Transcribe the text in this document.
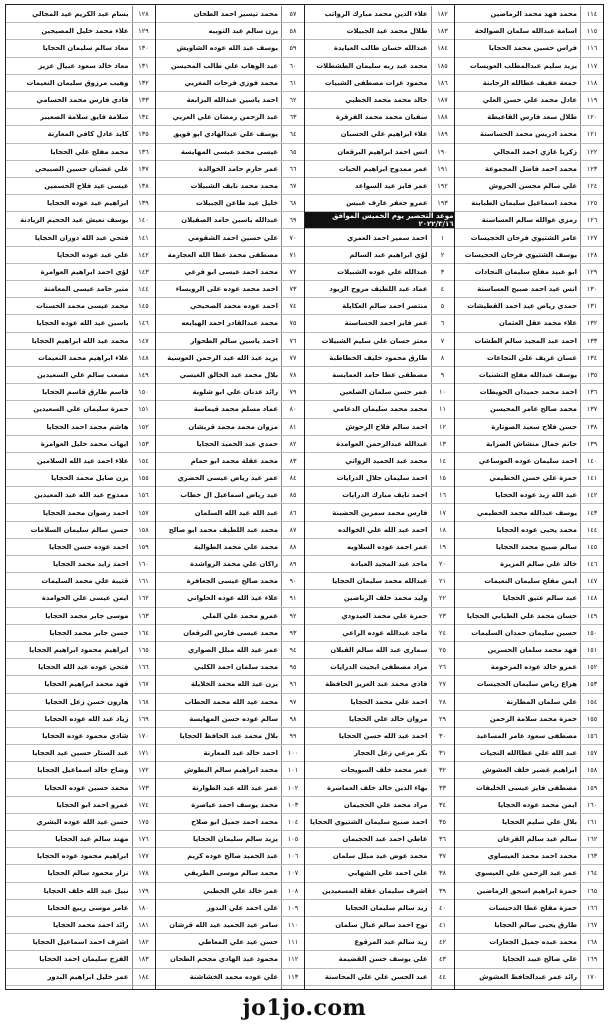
١١٤
محمد فهد محمد الرماضين
١١٥
اسامة عبدالله سلمان الصوالحة
١١٦
فراس حسين محمد الحجايا
١١٧
يزيد سليم عبدالمطلب العويسات
١١٨
جمعة عفيف عطالله الرحابنة
١١٩
عادل محمد علي حسن العلي
١٢٠
طلال سعد فارس القاعيطة
١٢١
محمد ادريس محمد الحساسنة
١٢٢
زكريا غازي احمد المجالي
١٢٣
محمد احمد فاضل المجموعة
١٢٤
علي سالم محسن الحروش
١٢٥
محمد اسماعيل سليمان الطبابنة
١٢٦
رمزي عوالله سالم العساسنة
١٢٧
عامر الشتيوي فرحان الحجيسات
١٢٨
يوسف الشتيوي فرحان الحجيسات
١٢٩
ابو عبيد مفلح سليمان النجادات
١٣٠
انس عيد احمد صبيح العساسنة
١٣١
حمدي رياض عيد احمد القطيشات
١٣٢
علاء محمد عقل العثمان
١٣٣
احمد عبد المجيد سالم الطشات
١٣٤
غسان غريف علي النجاعات
١٣٥
يوسف عبدالله مفلح التشنيات
١٣٦
احمد محمد حميدان الحويطات
١٣٧
محمد صالح عامر المحيسن
١٣٨
حسن فلاح سعيد الصوتارة
١٣٩
حاتم جمال منشاش الضرابة
١٤٠
احمد سليمان عوده العوساعي
١٤١
حمزة علي حسن الحطيمي
١٤٢
عيد الله زيد عوده الحجايا
١٤٣
يوسف عبدالله محمد الحطيمي
١٤٤
محمد يحيى عوده الحجايا
١٤٥
سالم صبيح محمد الحجايا
١٤٦
خالد علي سالم المزيرة
١٤٧
ايمن مفلح سليمان النعيمات
١٤٨
عيد سالم عتيق الحجايا
١٤٩
حسان محمد علي الطيابي الحجايا
١٥٠
حسين سليمان حمدان السليمات
١٥١
فهد محمد سلمان الحسرين
١٥٢
عمرو خالد عوده المرحومة
١٥٣
هزاع رياض سليمان الحجيسات
١٥٤
علي سلمان المطارنة
١٥٥
حمزة محمد سلامة الرحمن
١٥٦
مصطفى سعود عامر المساعيد
١٥٧
عبد الله علي عطاالله النجيات
١٥٨
ابراهيم غضير خلف العشوش
١٥٩
مصطفى فايز عيسى الخليفات
١٦٠
ايمن محمد عوده الحجايا
١٦١
بلال علي سليم الحجايا
١٦٢
سالم عيد سالم القرعان
١٦٣
محمد احمد محمد العيساوي
١٦٤
عمر عبد الرحمن علي العيسوي
١٦٥
حمزة ابراهيم اسحق الرماضين
١٦٦
حمزة مفلح عطا الدحيسات
١٦٧
طارق يحيى سالم الحجايا
١٦٨
محمد عبده جميل الجعارات
١٦٩
علي صالح عبيد الحجايا
١٧٠
رائد عمر عبدالحافظ العشوش
١٨٢
علاء الدين محمد مبارك الرواتب
١٨٣
طلال محمد عيد الجبيلات
١٨٤
عبدالله حسان طالب العيايدة
١٨٥
محمد عبد ربه سليمان الطشطلات
١٨٦
محمود عزات مصطفى الشبيات
١٨٧
خالد محمد محمد الخطبي
١٨٨
سفيان محمد محمد الفرقرة
١٨٩
علاء ابراهيم علي الحسبان
١٩٠
انس احمد ابراهيم البرقعان
١٩١
عمر ممدوح ابراهيم الحيات
١٩٢
عمر فايز عيد السواعد
١٩٣
عمرو جعفر عارف عبيس
موعد التحضير يوم الخميس الموافق ٢٠٢٢/٣/١٦
١
احمد سمير احمد العمري
٢
لؤي ابراهيم عبد السالم
٣
عبدالله علي عوده الشبيلات
٤
عماد عبد اللطيف مروح الزيود
٥
منتصر احمد سالم العكايلة
٦
عمر فايز احمد الحساسنة
٧
معتز حسان علي سليم الشبيلات
٨
طارق محمود خليف الخطاطبة
٩
مصطفى عطا حامد العمايسة
١٠
عمر حسن سلمان الضلعين
١١
محمد محمد سليمان الدعامي
١٢
احمد سالم فلاح الرحوش
١٣
عبدالله عبدالرحمن العوامدة
١٤
محمد عبد الحميد الزواتي
١٥
احمد سليمان جلال الدرايات
١٦
احمد نايف مبارك الدرايات
١٧
فارس محمد سمرين الحضينة
١٨
احمد عبد الله علي الخوالده
١٩
عمر احمد عوده السلاويه
٢٠
ماجد عبد المجيد العيادة
٢١
عبدالله محمد سليمان الحجايا
٢٢
وليد محمد خلف الرباضين
٢٣
حمزة علي محمد العيدودي
٢٤
ماجد عبدالله عوده الراعي
٢٥
سمارى عبد الله سالم القبلان
٢٦
مراد مصطفى ابجيت الدرايات
٢٧
فادي محمد عبد العزيز الحافظة
٢٨
احمد علي محمد الحجايا
٢٩
مروان خالد علي الحجايا
٣٠
احمد عيد الله حسن الحجايا
٣١
بكر مرعي زعل الحجار
٣٢
عمر محمد خلف السويحات
٣٣
بهاء الدين خالد خلف العماسرة
٣٤
مراد محمد علي الحجيمان
٣٥
احمد صبيح سليمان الشتيوي الحجايا
٣٦
عاطي احمد عيد الحجيمان
٣٧
محمد عوض عيد مبلل سلمان
٣٨
علي احمد علي الشهابي
٣٩
اشرف سليمان عقلة المسعيدين
٤٠
زيد سالم سليمان الحجايا
٤١
نوح احمد سالم عبال سلمان
٤٢
زيد سالم عبد المرقوع
٤٣
علي يوسف حسن القضيمة
٤٤
عبد الحسن علي علي المحاسنة
٥٧
محمد تيسير احمد الطحان
٥٨
يزن سالم عبد التوبيه
٥٩
يوسف عبد الله عوده الشاويش
٦٠
عيد الوهاب علي طالب المحيسن
٦١
محمد فوزي فرحات المغربي
٦٢
احمد ياسين عبدالله البزابعة
٦٣
عبد الرحمن رمضان علي العربي
٦٤
يوسف علي عبدالهادي ابو قويق
٦٥
عيسى محمد عيسى المهايسة
٦٦
عمر حارم حامد الخوالدة
٦٧
محمد محمد نايف الشبيلات
٦٨
خليل عيد طاعن الجبيلات
٦٩
عبدالله ياسين حامد الصقيلان
٧٠
علي حسين احمد الشقومي
٧١
مصطفى محمد عطا الله العجارمة
٧٢
محمد احمد عيسى ابو فرعي
٧٣
احمد محمد عوده على الرويساء
٧٤
احمد عوده محمد الصحيحي
٧٥
محمد عبدالقادر احمد الهيايعه
٧٦
احمد ياسين سالم الطحوار
٧٧
يزيد عبد الله عبد الرحمن العوسية
٧٨
بلال محمد عيد الخالق الغيسي
٧٩
رائد عدنان علي ابو شلوبة
٨٠
عماد مسلم محمد قيماسة
٨١
مروان محمد محمد قريشان
٨٢
حمدي عبد الحميد الحجايا
٨٣
محمد عقلة محمد ابو حمام
٨٤
عمر عيد رياض عيسى الحضري
٨٥
عيد رياض اسماعيل ال خطاب
٨٦
عبد الله عيد الله السلمان
٨٧
محمد عبد اللطيف محمد ابو صالح
٨٨
محمد علي محمد الطوالبة
٨٩
راكان علي محمد الرواشدة
٩٠
محمد صالح عيسى الجعافرة
٩١
علاء عيد الله عوده الحلواني
٩٢
عمرو محمد علي الملي
٩٣
محمد عيسى فارس البرقعان
٩٤
عمر عيد الله مبلل الصواري
٩٥
محمد سلمان احمد الكلبي
٩٦
يزن عيد الله محمد الخلايلة
٩٧
محمد عيد الله محمد الحطاب
٩٨
سالم عوده حسن المهايسة
٩٩
بلال محمد عبد الحافظ الحجايا
١٠٠
احمد خالد عيد المعارنة
١٠١
محمد ابراهيم سالم البطوش
١٠٢
عمر عيد الله عيد الطوارنة
١٠٣
محمد يوسف احمد عياصرة
١٠٤
محمد احمد جميل ابو صلاح
١٠٥
يزيد سالم سليمان الحجايا
١٠٦
عبد الحميد صالح عوده كريم
١٠٧
محمد سالم موسى الطريفي
١٠٨
عمر خالد علي الخطبي
١٠٩
علي احمد علي البدور
١١٠
سامر عيد الحميد عيد الله قرشان
١١١
حسن عيد علي المعاطي
١١٢
محمود عيد الهادي مجحم الطحان
١١٣
علي عوده محمد الخشاشنة
١٢٨
بسام عبد الكريم عيد المجالي
١٢٩
علاء محمد خليل المصيحين
١٣٠
معاذ سالم سليمان الحجايا
١٣١
معاذ خالد سعود عبيال عزيز
١٣٢
وهيب مرزوق سليمان النعيمات
١٣٣
فادي فارس محمد الحسامي
١٣٤
سلامة فايق سلامة الصعيبر
١٣٥
كايد عادل كافي المعارنة
١٣٦
محمد مفلح علي الحجايا
١٣٧
علي غضبان حسين الصبيحي
١٣٨
عيسى عيد فلاح الحسمين
١٣٩
ابراهيم عيد عوده الحجايا
١٤٠
يوسف نعيش عيد الحجيم الزيادنة
١٤١
فتحي عبد الله دوران الحجايا
١٤٢
علي عيد عوده الحجايا
١٤٣
لؤي احمد ابراهيم العوامرة
١٤٤
منير حامد عيسى المعامنة
١٤٥
محمد عيسى محمد الحسنات
١٤٦
ياسين عيد الله عوده الحجايا
١٤٧
محمد عيد الله ابراهيم الحجايا
١٤٨
علاء ابراهيم محمد النعيمات
١٤٩
مصعب سالم علي السعيدين
١٥٠
قاسم طارق قاسم الحجايا
١٥١
حمزة سليمان علي السعيدين
١٥٢
هاشم محمد احمد الحجايا
١٥٣
ايهاب محمد خليل العوامرة
١٥٤
علاء احمد عيد الله السلامين
١٥٥
يزن صايل محمد الحجايا
١٥٦
ممدوح عيد الله عيد المعيدين
١٥٧
احمد رضوان محمد الحجايا
١٥٨
حسن سالم سليمان السلامات
١٥٩
احمد عوده حسن الحجايا
١٦٠
احمد زايد محمد الحجايا
١٦١
قتيبة علي محمد السليمات
١٦٢
ايمن عيسى علي الحوامدة
١٦٣
موسى جابر محمد الحجايا
١٦٤
حسن جابر محمد الحجايا
١٦٥
ابراهيم محمود ابراهيم الحجايا
١٦٦
فتحي عوده عيد الله الحجايا
١٦٧
فهد محمد ابراهيم الحجايا
١٦٨
هارون حسن زعل الحجايا
١٦٩
زياد عيد الله عوده الحجايا
١٧٠
شادي محمود عوده الحجايا
١٧١
عبد الستار حسين عيد الحجايا
١٧٢
وضاح خالد اسماعيل الحجايا
١٧٣
محمد حسين عوده الحجايا
١٧٤
عمرو احمد ابو الحجايا
١٧٥
حسن عيد الله عوده البشري
١٧٦
مهند سالم عيد الحجايا
١٧٧
ابراهيم محمود عوده الحجايا
١٧٨
نزار محمود سالم الحجايا
١٧٩
نبيل عيد الله خلف الحجايا
١٨٠
عامر موسى ربيع الحجايا
١٨١
رائد احمد محمد الحجايا
١٨٢
اشرف احمد اسماعيل الحجايا
١٨٣
الفرح سليمان احمد الحجايا
١٨٤
عمر خليل ابراهيم البدور
jo1jo.com
